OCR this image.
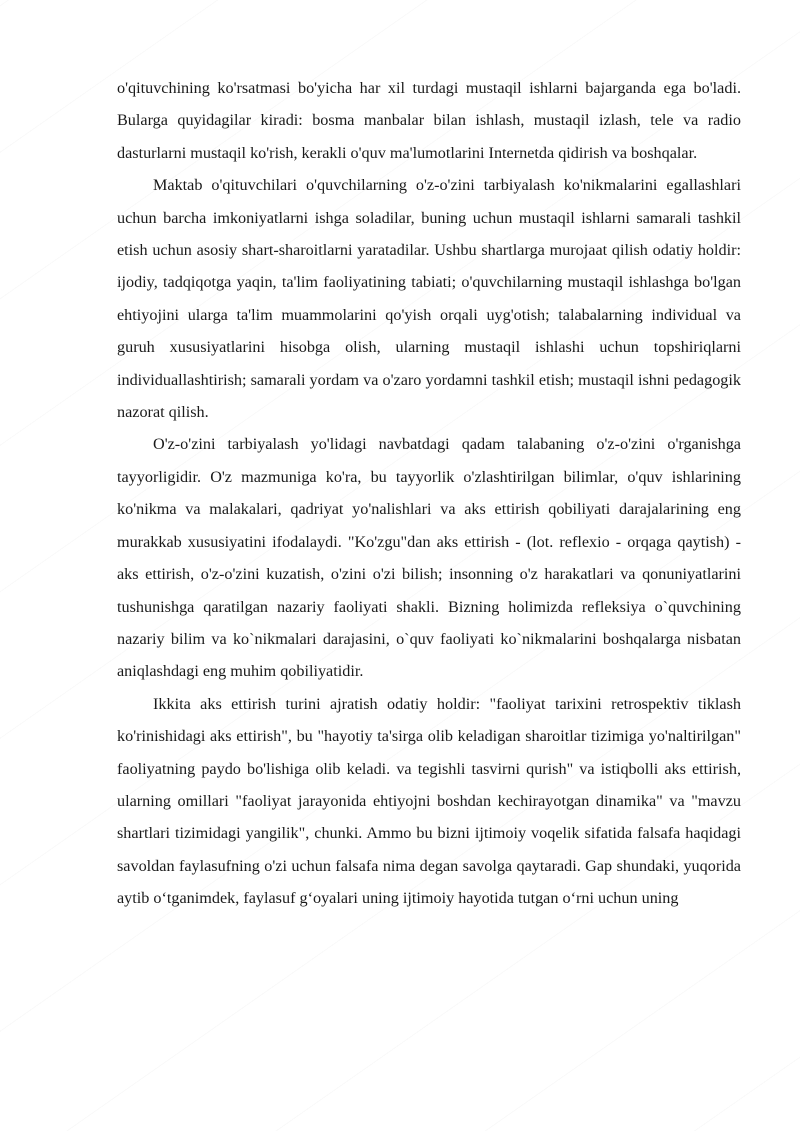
o'qituvchining ko'rsatmasi bo'yicha har xil turdagi mustaqil ishlarni bajarganda ega bo'ladi. Bularga quyidagilar kiradi: bosma manbalar bilan ishlash, mustaqil izlash, tele va radio dasturlarni mustaqil ko'rish, kerakli o'quv ma'lumotlarini Internetda qidirish va boshqalar.

Maktab o'qituvchilari o'quvchilarning o'z-o'zini tarbiyalash ko'nikmalarini egallashlari uchun barcha imkoniyatlarni ishga soladilar, buning uchun mustaqil ishlarni samarali tashkil etish uchun asosiy shart-sharoitlarni yaratadilar. Ushbu shartlarga murojaat qilish odatiy holdir: ijodiy, tadqiqotga yaqin, ta'lim faoliyatining tabiati; o'quvchilarning mustaqil ishlashga bo'lgan ehtiyojini ularga ta'lim muammolarini qo'yish orqali uyg'otish; talabalarning individual va guruh xususiyatlarini hisobga olish, ularning mustaqil ishlashi uchun topshiriqlarni individuallashtirish; samarali yordam va o'zaro yordamni tashkil etish; mustaqil ishni pedagogik nazorat qilish.

O'z-o'zini tarbiyalash yo'lidagi navbatdagi qadam talabaning o'z-o'zini o'rganishga tayyorligidir. O'z mazmuniga ko'ra, bu tayyorlik o'zlashtirilgan bilimlar, o'quv ishlarining ko'nikma va malakalari, qadriyat yo'nalishlari va aks ettirish qobiliyati darajalarining eng murakkab xususiyatini ifodalaydi. "Ko'zgu"dan aks ettirish - (lot. reflexio - orqaga qaytish) - aks ettirish, o'z-o'zini kuzatish, o'zini o'zi bilish; insonning o'z harakatlari va qonuniyatlarini tushunishga qaratilgan nazariy faoliyati shakli. Bizning holimizda refleksiya o`quvchining nazariy bilim va ko`nikmalari darajasini, o`quv faoliyati ko`nikmalarini boshqalarga nisbatan aniqlashdagi eng muhim qobiliyatidir.

Ikkita aks ettirish turini ajratish odatiy holdir: "faoliyat tarixini retrospektiv tiklash ko'rinishidagi aks ettirish", bu "hayotiy ta'sirga olib keladigan sharoitlar tizimiga yo'naltirilgan" faoliyatning paydo bo'lishiga olib keladi. va tegishli tasvirni qurish" va istiqbolli aks ettirish, ularning omillari "faoliyat jarayonida ehtiyojni boshdan kechirayotgan dinamika" va "mavzu shartlari tizimidagi yangilik", chunki. Ammo bu bizni ijtimoiy voqelik sifatida falsafa haqidagi savoldan faylasufning o'zi uchun falsafa nima degan savolga qaytaradi. Gap shundaki, yuqorida aytib o‘tganimdek, faylasuf g‘oyalari uning ijtimoiy hayotida tutgan o‘rni uchun uning
